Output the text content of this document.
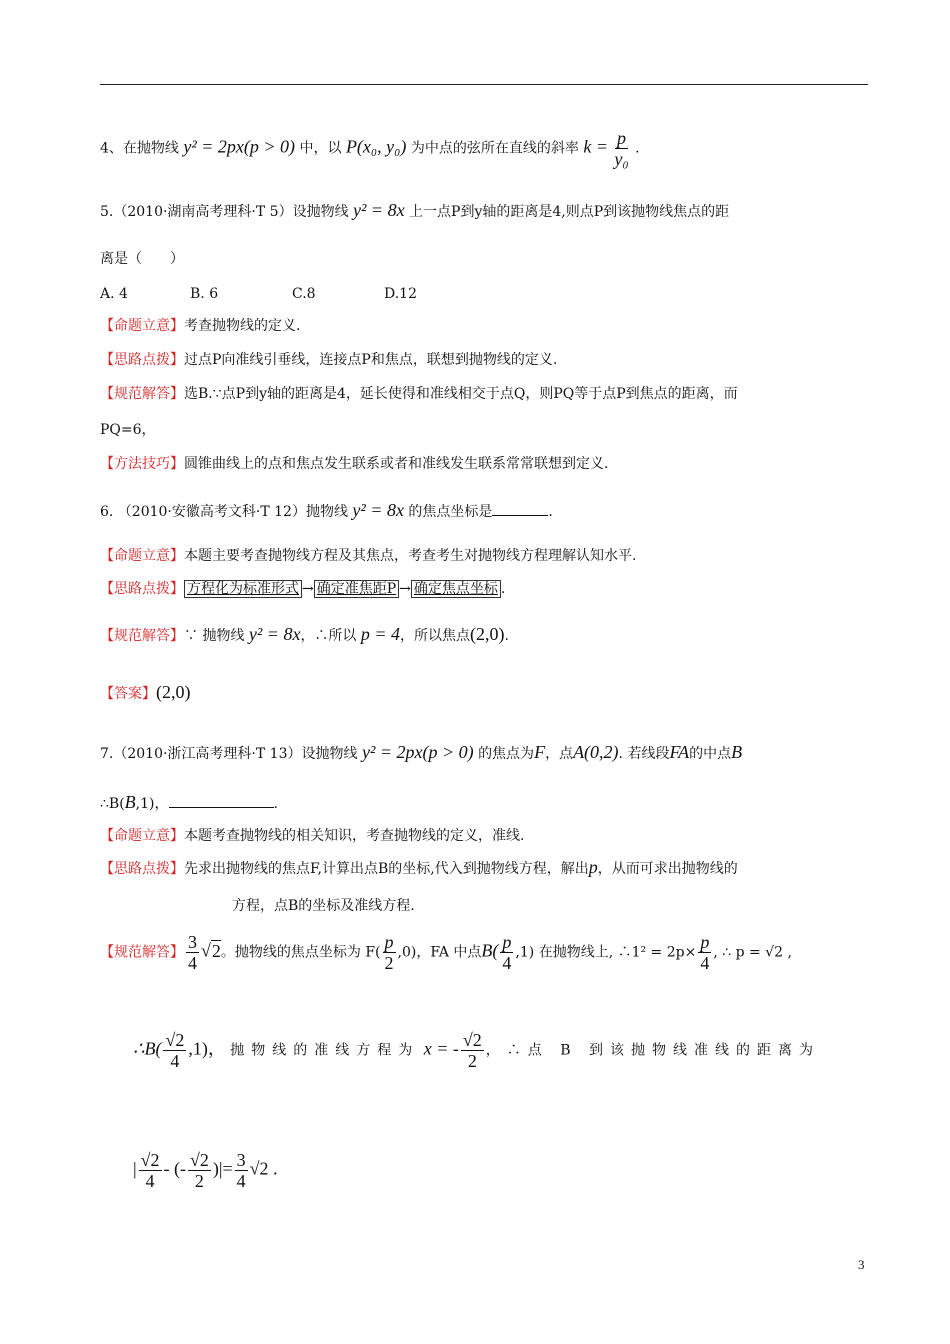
4、在抛物线 y² = 2px(p > 0) 中，以 P(x₀, y₀) 为中点的弦所在直线的斜率 $k = \frac{p}{\text{y₀}}$ .
5.（2010·湖南高考理科·T 5）设抛物线 y² = 8x 上一点P到y轴的距离是4,则点P到该抛物线焦点的距
离是（　　）
A. 4	B. 6	C.8	D.12
【命题立意】考查抛物线的定义.
【思路点拨】过点P向准线引垂线，连接点P和焦点，联想到抛物线的定义.
【规范解答】选B.∵点P到y轴的距离是4，延长使得和准线相交于点Q，则PQ等于点P到焦点的距离，而
PQ=6，
【方法技巧】圆锥曲线上的点和焦点发生联系或者和准线发生联系常常联想到定义.
6. （2010·安徽高考文科·T 12）抛物线 y² = 8x 的焦点坐标是	.
【命题立意】本题主要考查抛物线方程及其焦点，考查考生对抛物线方程理解认知水平.
【思路点拨】 方程化为标准形式 → 确定准焦距P → 确定焦点坐标 .
【规范解答】∵ 抛物线 y² = 8x，∴所以 p = 4，所以焦点(2,0).
【答案】(2,0)
7.（2010·浙江高考理科·T 13）设抛物线 y² = 2px(p > 0) 的焦点为F，点A(0,2). 若线段FA的中点B
∴B(B,1)，	.
【命题立意】本题考查抛物线的相关知识，考查抛物线的定义，准线.
【思路点拨】先求出抛物线的焦点F,计算出点B的坐标,代入到抛物线方程，解出p，从而可求出抛物线的
方程，点B的坐标及准线方程.
【规范解答】 $\frac{3}{4} √2$。抛物线的焦点坐标为 $F( \frac{p}{2} ,0)$，FA 中点$B( \frac{p}{4} ,1)$ 在抛物线上, ∴1² = $2p\times \frac{p}{4}$ , ∴ p = √2 ,
∴B( $\frac{√2}{4} ,1$)， 抛物线的准线方程为 x = - $\frac{√2}{2}$ ，∴点 B 到该抛物线准线的距离为
| $\frac{√2}{4}$ - (- $\frac{√2}{2}$ )|= $\frac{3}{4} √2$ .
3
